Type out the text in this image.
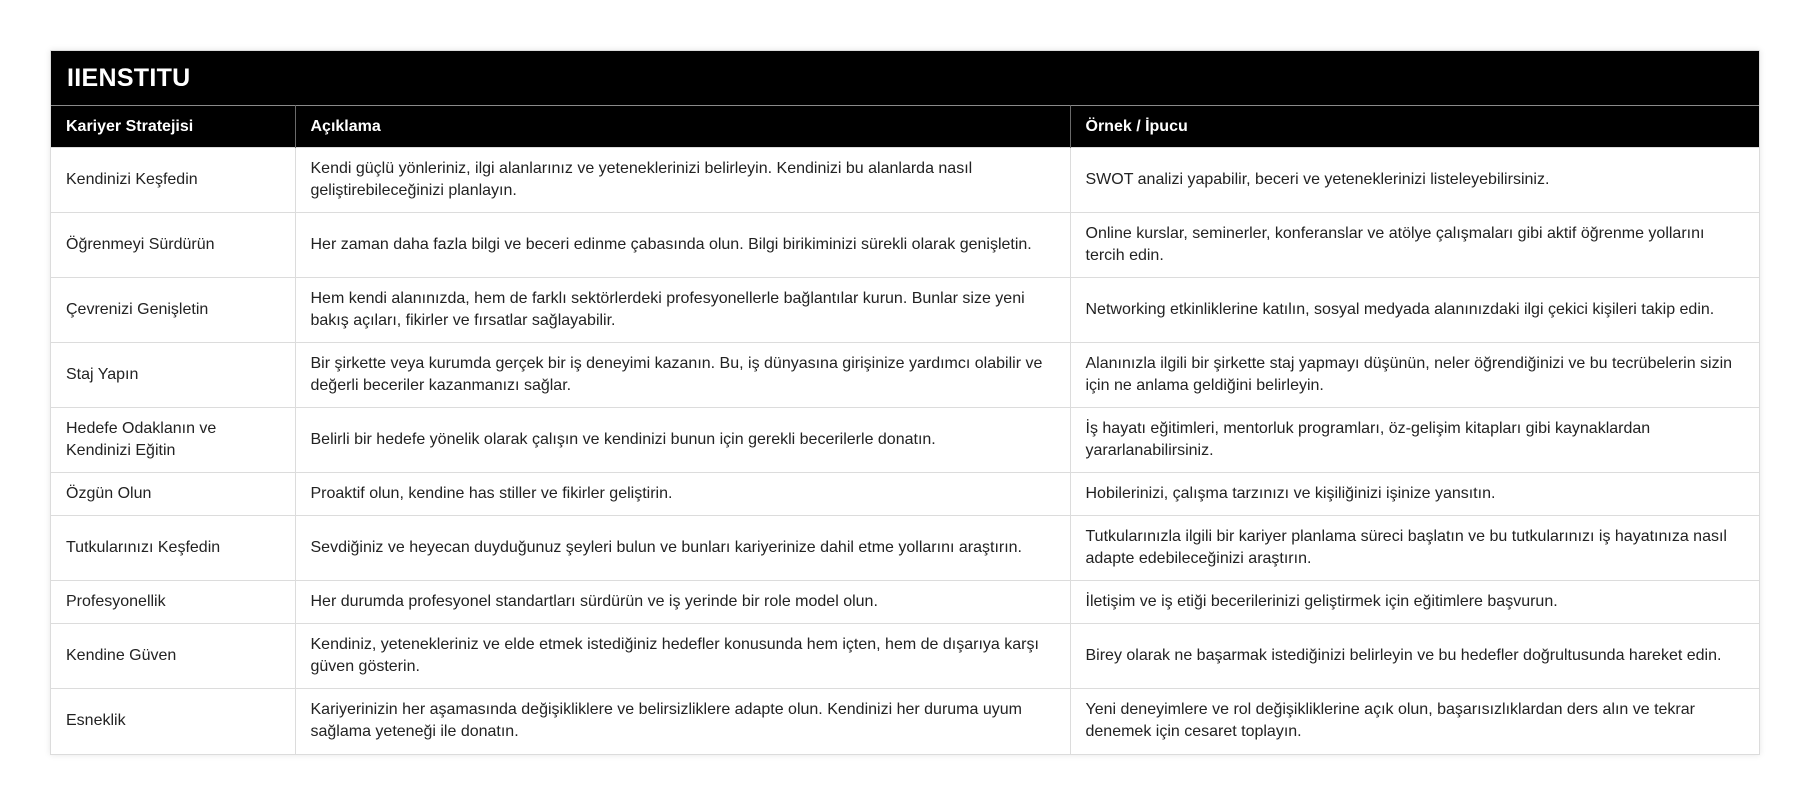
IIENSTITU
Kariyer Stratejisi	Açıklama	Örnek / İpucu
Kendinizi Keşfedin	Kendi güçlü yönleriniz, ilgi alanlarınız ve yeteneklerinizi belirleyin. Kendinizi bu alanlarda nasıl geliştirebileceğinizi planlayın.	SWOT analizi yapabilir, beceri ve yeteneklerinizi listeleyebilirsiniz.
Öğrenmeyi Sürdürün	Her zaman daha fazla bilgi ve beceri edinme çabasında olun. Bilgi birikiminizi sürekli olarak genişletin.	Online kurslar, seminerler, konferanslar ve atölye çalışmaları gibi aktif öğrenme yollarını tercih edin.
Çevrenizi Genişletin	Hem kendi alanınızda, hem de farklı sektörlerdeki profesyonellerle bağlantılar kurun. Bunlar size yeni bakış açıları, fikirler ve fırsatlar sağlayabilir.	Networking etkinliklerine katılın, sosyal medyada alanınızdaki ilgi çekici kişileri takip edin.
Staj Yapın	Bir şirkette veya kurumda gerçek bir iş deneyimi kazanın. Bu, iş dünyasına girişinize yardımcı olabilir ve değerli beceriler kazanmanızı sağlar.	Alanınızla ilgili bir şirkette staj yapmayı düşünün, neler öğrendiğinizi ve bu tecrübelerin sizin için ne anlama geldiğini belirleyin.
Hedefe Odaklanın ve Kendinizi Eğitin	Belirli bir hedefe yönelik olarak çalışın ve kendinizi bunun için gerekli becerilerle donatın.	İş hayatı eğitimleri, mentorluk programları, öz-gelişim kitapları gibi kaynaklardan yararlanabilirsiniz.
Özgün Olun	Proaktif olun, kendine has stiller ve fikirler geliştirin.	Hobilerinizi, çalışma tarzınızı ve kişiliğinizi işinize yansıtın.
Tutkularınızı Keşfedin	Sevdiğiniz ve heyecan duyduğunuz şeyleri bulun ve bunları kariyerinize dahil etme yollarını araştırın.	Tutkularınızla ilgili bir kariyer planlama süreci başlatın ve bu tutkularınızı iş hayatınıza nasıl adapte edebileceğinizi araştırın.
Profesyonellik	Her durumda profesyonel standartları sürdürün ve iş yerinde bir role model olun.	İletişim ve iş etiği becerilerinizi geliştirmek için eğitimlere başvurun.
Kendine Güven	Kendiniz, yetenekleriniz ve elde etmek istediğiniz hedefler konusunda hem içten, hem de dışarıya karşı güven gösterin.	Birey olarak ne başarmak istediğinizi belirleyin ve bu hedefler doğrultusunda hareket edin.
Esneklik	Kariyerinizin her aşamasında değişikliklere ve belirsizliklere adapte olun. Kendinizi her duruma uyum sağlama yeteneği ile donatın.	Yeni deneyimlere ve rol değişikliklerine açık olun, başarısızlıklardan ders alın ve tekrar denemek için cesaret toplayın.
